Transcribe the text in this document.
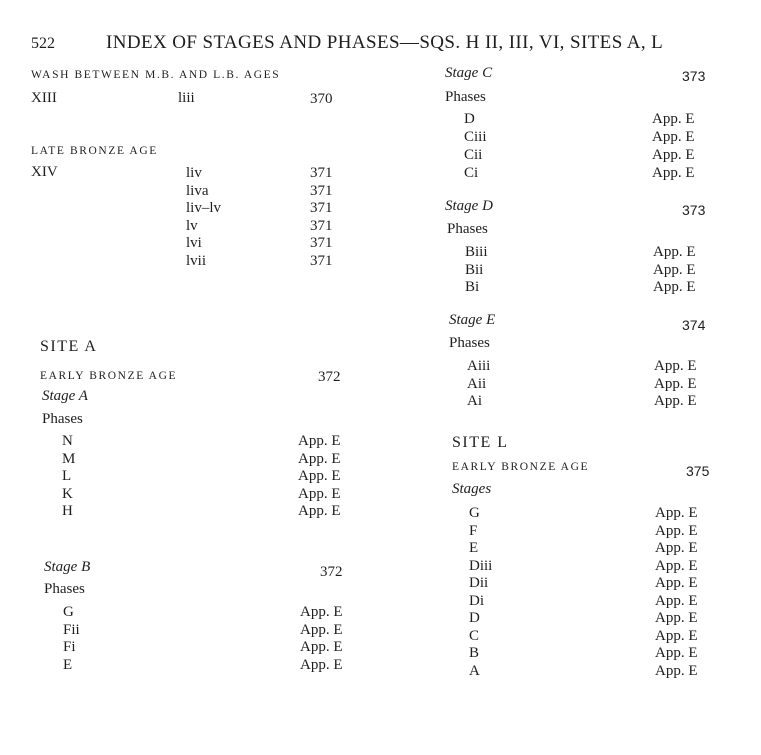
522	INDEX OF STAGES AND PHASES—SQS. H II, III, VI, SITES A, L
WASH BETWEEN M.B. AND L.B. AGES
XIII	liii	370
LATE BRONZE AGE
XIV	liv	371
liva	371
liv–lv	371
lv	371
lvi	371
lvii	371
SITE A
EARLY BRONZE AGE	372
Stage A
Phases
N	App. E
M	App. E
L	App. E
K	App. E
H	App. E
Stage B	372
Phases
G	App. E
Fii	App. E
Fi	App. E
E	App. E
Stage C	373
Phases
D	App. E
Ciii	App. E
Cii	App. E
Ci	App. E
Stage D	373
Phases
Biii	App. E
Bii	App. E
Bi	App. E
Stage E	374
Phases
Aiii	App. E
Aii	App. E
Ai	App. E
SITE L
EARLY BRONZE AGE	375
Stages
G	App. E
F	App. E
E	App. E
Diii	App. E
Dii	App. E
Di	App. E
D	App. E
C	App. E
B	App. E
A	App. E
